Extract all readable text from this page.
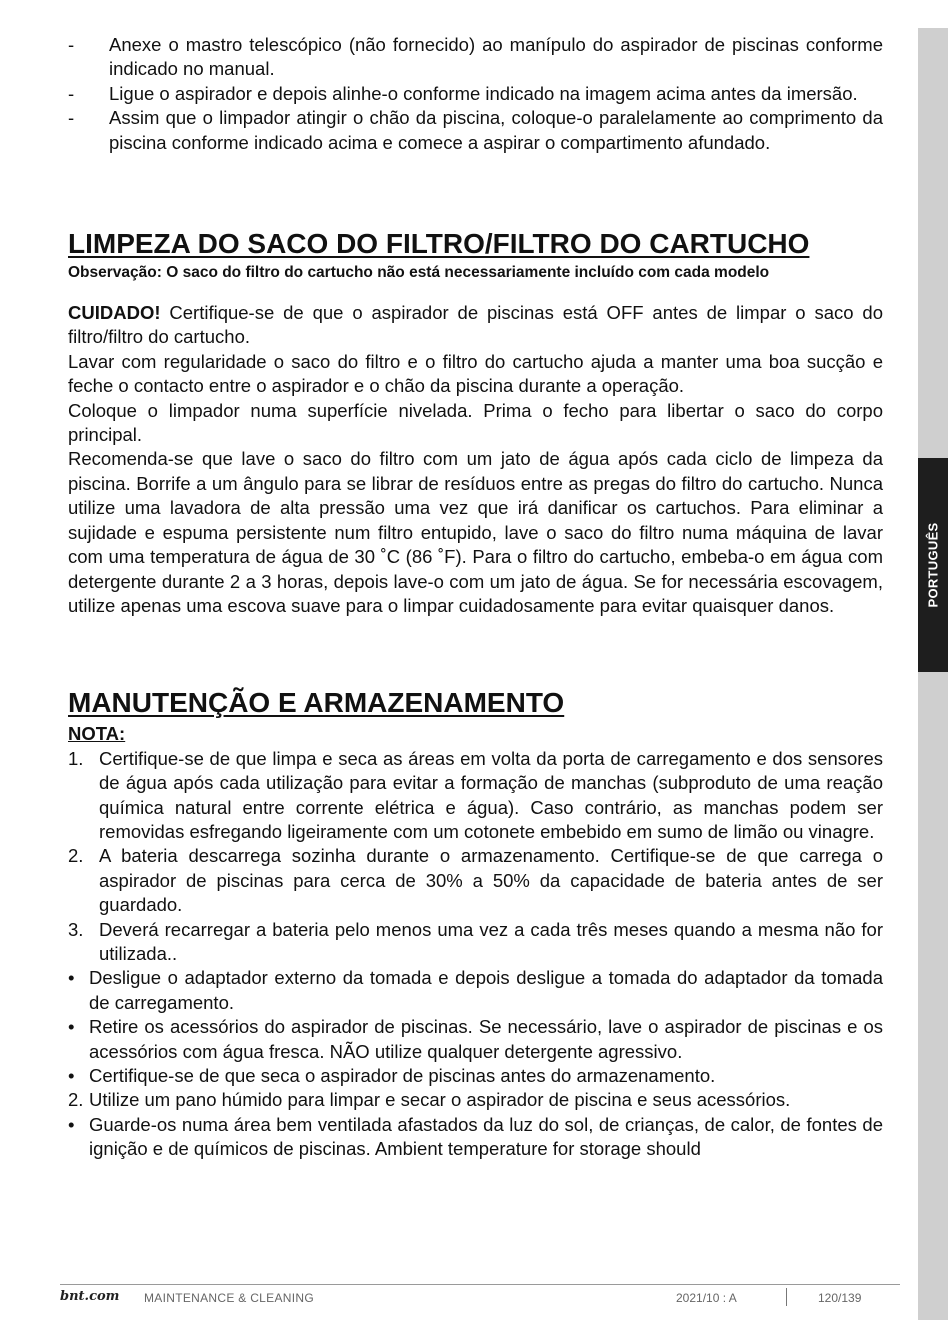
PORTUGUÊS
-	Anexe o mastro telescópico (não fornecido) ao manípulo do aspirador de piscinas conforme indicado no manual.
-	Ligue o aspirador e depois alinhe-o conforme indicado na imagem acima antes da imersão.
-	Assim que o limpador atingir o chão da piscina, coloque-o paralelamente ao comprimento da piscina conforme indicado acima e comece a aspirar o compartimento afundado.
LIMPEZA DO SACO DO FILTRO/FILTRO DO CARTUCHO
Observação: O saco do filtro do cartucho não está necessariamente incluído com cada modelo
CUIDADO! Certifique-se de que o aspirador de piscinas está OFF antes de limpar o saco do filtro/filtro do cartucho.
Lavar com regularidade o saco do filtro e o filtro do cartucho ajuda a manter uma boa sucção e feche o contacto entre o aspirador e o chão da piscina durante a operação.
Coloque o limpador numa superfície nivelada. Prima o fecho para libertar o saco do corpo principal.
Recomenda-se que lave o saco do filtro com um jato de água após cada ciclo de limpeza da piscina. Borrife a um ângulo para se librar de resíduos entre as pregas do filtro do cartucho. Nunca utilize uma lavadora de alta pressão uma vez que irá danificar os cartuchos. Para eliminar a sujidade e espuma persistente num filtro entupido, lave o saco do filtro numa máquina de lavar com uma temperatura de água de 30 ˚C (86 ˚F). Para o filtro do cartucho, embeba-o em água com detergente durante 2 a 3 horas, depois lave-o com um jato de água. Se for necessária escovagem, utilize apenas uma escova suave para o limpar cuidadosamente para evitar quaisquer danos.
MANUTENÇÃO E ARMAZENAMENTO
NOTA:
1. Certifique-se de que limpa e seca as áreas em volta da porta de carregamento e dos sensores de água após cada utilização para evitar a formação de manchas (subproduto de uma reação química natural entre corrente elétrica e água). Caso contrário, as manchas podem ser removidas esfregando ligeiramente com um cotonete embebido em sumo de limão ou vinagre.
2. A bateria descarrega sozinha durante o armazenamento. Certifique-se de que carrega o aspirador de piscinas para cerca de 30% a 50% da capacidade de bateria antes de ser guardado.
3. Deverá recarregar a bateria pelo menos uma vez a cada três meses quando a mesma não for utilizada..
• Desligue o adaptador externo da tomada e depois desligue a tomada do adaptador da tomada de carregamento.
• Retire os acessórios do aspirador de piscinas. Se necessário, lave o aspirador de piscinas e os acessórios com água fresca. NÃO utilize qualquer detergente agressivo.
• Certifique-se de que seca o aspirador de piscinas antes do armazenamento.
2. Utilize um pano húmido para limpar e secar o aspirador de piscina e seus acessórios.
• Guarde-os numa área bem ventilada afastados da luz do sol, de crianças, de calor, de fontes de ignição e de químicos de piscinas. Ambient temperature for storage should
bnt.com MAINTENANCE & CLEANING	2021/10 : A	120/139
